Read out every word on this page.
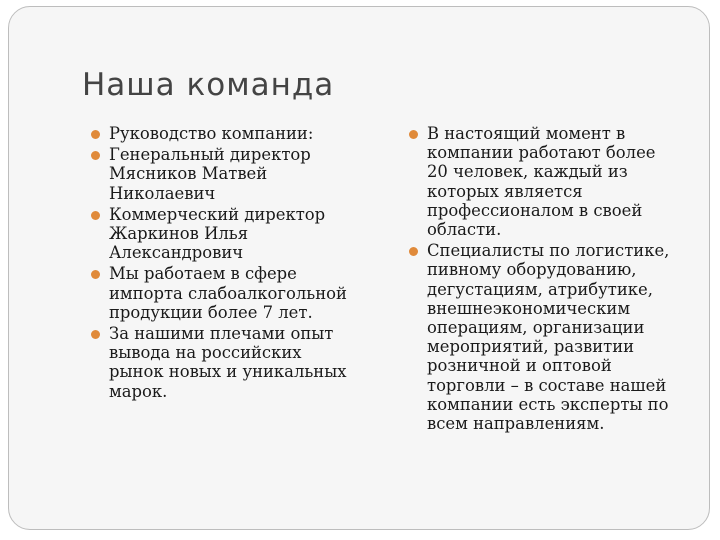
Наша команда
Руководство компании:
Генеральный директор
Мясников Матвей
Николаевич
Коммерческий директор
Жаркинов Илья
Александрович
Мы работаем в сфере
импорта слабоалкогольной
продукции более 7 лет.
За нашими плечами опыт
вывода на российских
рынок новых и уникальных
марок.
В настоящий момент в
компании работают более
20 человек, каждый из
которых является
профессионалом в своей
области.
Специалисты по логистике,
пивному оборудованию,
дегустациям, атрибутике,
внешнеэкономическим
операциям, организации
мероприятий, развитии
розничной и оптовой
торговли – в составе нашей
компании есть эксперты по
всем направлениям.
